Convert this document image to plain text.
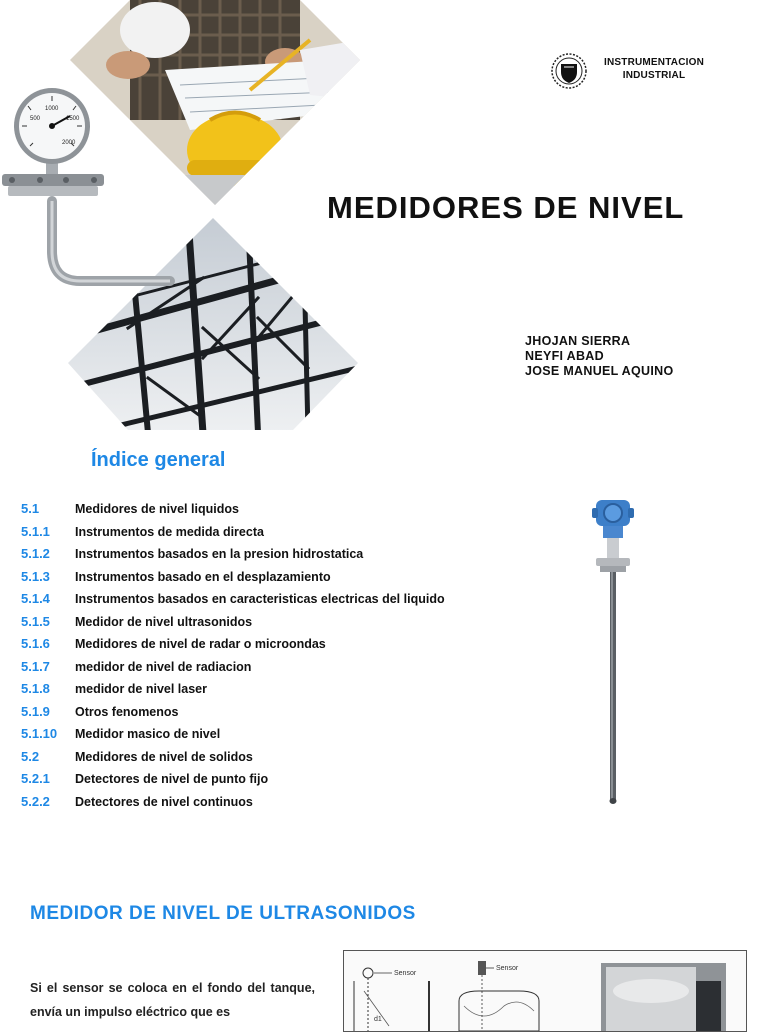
1000
1500
500
2000
INSTRUMENTACION INDUSTRIAL
MEDIDORES DE NIVEL
JHOJAN SIERRA
NEYFI ABAD
JOSE MANUEL AQUINO
Índice general
5.1	Medidores de nivel liquidos
5.1.1	Instrumentos de medida directa
5.1.2	Instrumentos basados en la presion hidrostatica
5.1.3	Instrumentos basado en el desplazamiento
5.1.4	Instrumentos basados en caracteristicas electricas del liquido
5.1.5	Medidor de nivel ultrasonidos
5.1.6	Medidores de nivel de radar o microondas
5.1.7	medidor de nivel de radiacion
5.1.8	medidor de nivel laser
5.1.9	Otros fenomenos
5.1.10	Medidor masico de nivel
5.2	Medidores de nivel de solidos
5.2.1	Detectores de nivel de punto fijo
5.2.2	Detectores de nivel continuos
MEDIDOR DE NIVEL DE ULTRASONIDOS
Si el sensor se coloca en el fondo del tanque, envía un impulso eléctrico que es
Sensor
d1
Sensor
